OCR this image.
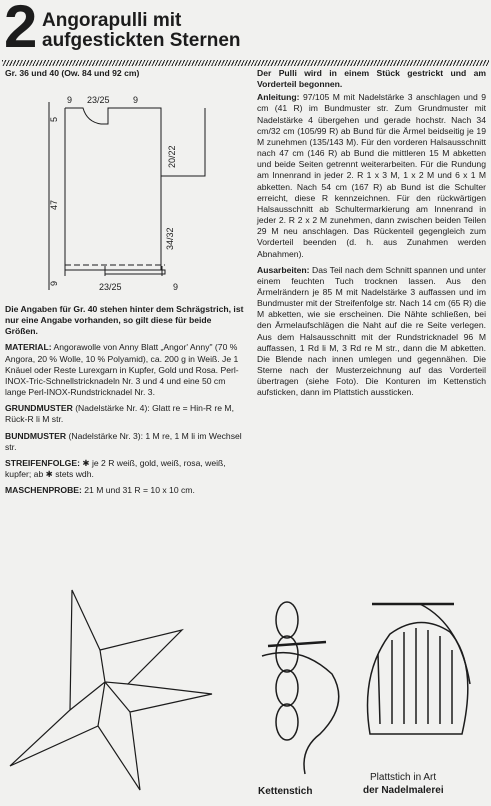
2 Angorapulli mit
aufgestickten Sternen

Gr. 36 und 40 (Ow. 84 und 92 cm)

9 23/25	9
5
20/22
47
34/32
9	23/25	9

Die Angaben für Gr. 40 stehen hinter dem Schrägstrich, ist nur eine Angabe vorhanden, so gilt diese für beide Größen.

MATERIAL: Angorawolle von Anny Blatt „Angor' Anny" (70 % Angora, 20 % Wolle, 10 % Polyamid), ca. 200 g in Weiß. Je 1 Knäuel oder Reste Lurexgarn in Kupfer, Gold und Rosa. Perl-INOX-Tric-Schnellstricknadeln Nr. 3 und 4 und eine 50 cm lange Perl-INOX-Rundstricknadel Nr. 3.

GRUNDMUSTER (Nadelstärke Nr. 4): Glatt re = Hin-R re M, Rück-R li M str.

BUNDMUSTER (Nadelstärke Nr. 3): 1 M re, 1 M li im Wechsel str.

STREIFENFOLGE: ✱ je 2 R weiß, gold, weiß, rosa, weiß, kupfer; ab ✱ stets wdh.

MASCHENPROBE: 21 M und 31 R = 10 x 10 cm.

Der Pulli wird in einem Stück gestrickt und am Vorderteil begonnen.

Anleitung: 97/105 M mit Nadelstärke 3 anschlagen und 9 cm (41 R) im Bundmuster str. Zum Grundmuster mit Nadelstärke 4 übergehen und gerade hochstr. Nach 34 cm/32 cm (105/99 R) ab Bund für die Ärmel beidseitig je 19 M zunehmen (135/143 M). Für den vorderen Halsausschnitt nach 47 cm (146 R) ab Bund die mittleren 15 M abketten und beide Seiten getrennt weiterarbeiten. Für die Rundung am Innenrand in jeder 2. R 1 x 3 M, 1 x 2 M und 6 x 1 M abketten. Nach 54 cm (167 R) ab Bund ist die Schulter erreicht, diese R kennzeichnen. Für den rückwärtigen Halsausschnitt ab Schultermarkierung am Innenrand in jeder 2. R 2 x 2 M zunehmen, dann zwischen beiden Teilen 29 M neu anschlagen. Das Rückenteil gegengleich zum Vorderteil beenden (d. h. aus Zunahmen werden Abnahmen).

Ausarbeiten: Das Teil nach dem Schnitt spannen und unter einem feuchten Tuch trocknen lassen. Aus den Ärmelrändern je 85 M mit Nadelstärke 3 auffassen und im Bundmuster mit der Streifenfolge str. Nach 14 cm (65 R) die M abketten, wie sie erscheinen. Die Nähte schließen, bei den Ärmelaufschlägen die Naht auf die re Seite verlegen. Aus dem Halsausschnitt mit der Rundstricknadel 96 M auffassen, 1 Rd li M, 3 Rd re M str., dann die M abketten. Die Blende nach innen umlegen und gegennähen. Die Sterne nach der Musterzeichnung auf das Vorderteil übertragen (siehe Foto). Die Konturen im Kettenstich aufsticken, dann im Plattstich aussticken.

Kettenstich
Plattstich in Art
der Nadelmalerei
